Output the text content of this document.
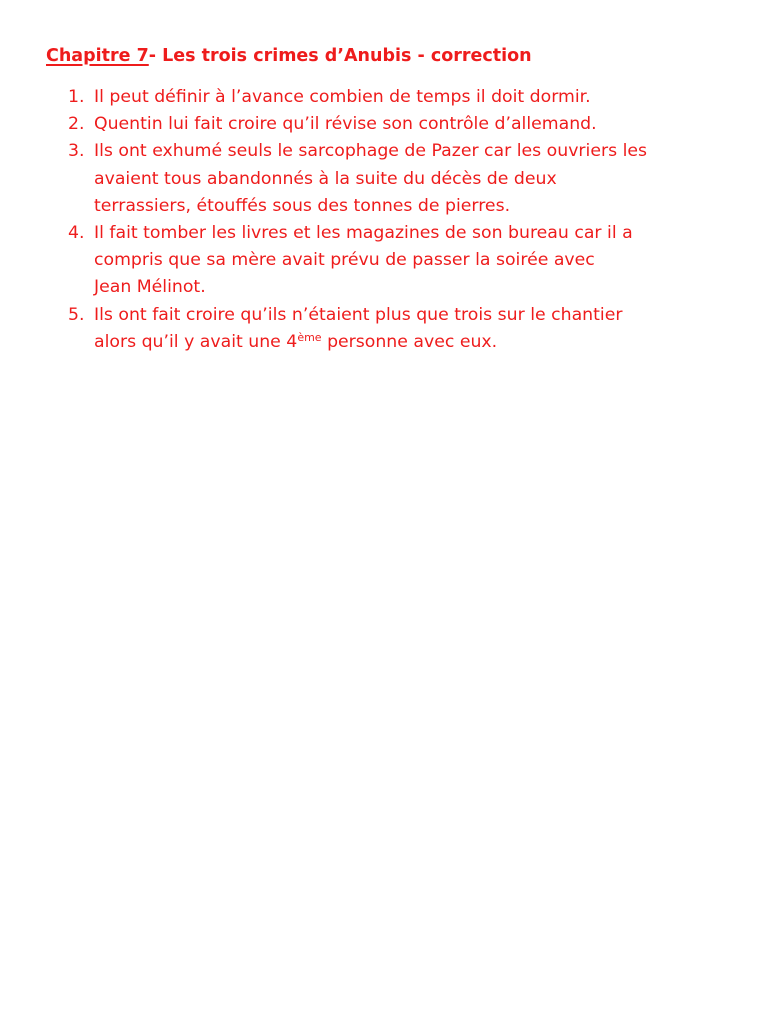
Chapitre 7- Les trois crimes d’Anubis - correction
1. Il peut définir à l’avance combien de temps il doit dormir.
2. Quentin lui fait croire qu’il révise son contrôle d’allemand.
3. Ils ont exhumé seuls le sarcophage de Pazer car les ouvriers les
avaient tous abandonnés à la suite du décès de deux
terrassiers, étouffés sous des tonnes de pierres.
4. Il fait tomber les livres et les magazines de son bureau car il a
compris que sa mère avait prévu de passer la soirée avec
Jean Mélinot.
5. Ils ont fait croire qu’ils n’étaient plus que trois sur le chantier
alors qu’il y avait une 4ème personne avec eux.
